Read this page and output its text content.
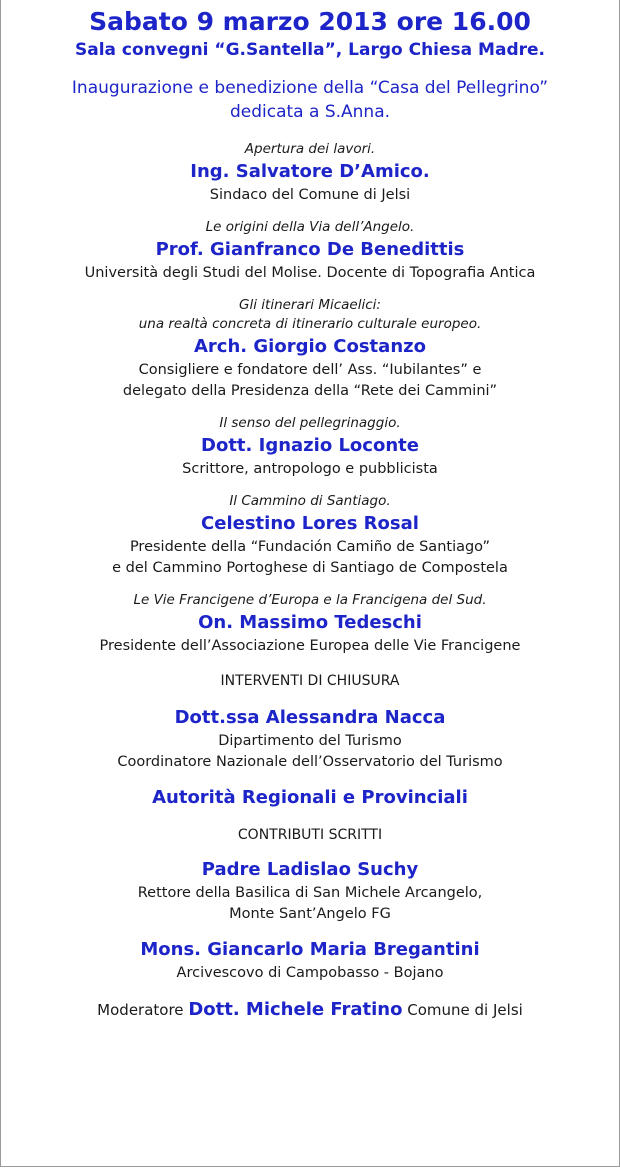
Sabato 9 marzo 2013 ore 16.00
Sala convegni “G.Santella”, Largo Chiesa Madre.
Inaugurazione e benedizione della “Casa del Pellegrino”
dedicata a S.Anna.
Apertura dei lavori.
Ing. Salvatore D’Amico.
Sindaco del Comune di Jelsi
Le origini della Via dell’Angelo.
Prof. Gianfranco De Benedittis
Università degli Studi del Molise. Docente di Topografia Antica
Gli itinerari Micaelici:
una realtà concreta di itinerario culturale europeo.
Arch. Giorgio Costanzo
Consigliere e fondatore dell’ Ass. “Iubilantes” e
delegato della Presidenza della “Rete dei Cammini”
Il senso del pellegrinaggio.
Dott. Ignazio Loconte
Scrittore, antropologo e pubblicista
Il Cammino di Santiago.
Celestino Lores Rosal
Presidente della “Fundación Camiño de Santiago”
e del Cammino Portoghese di Santiago de Compostela
Le Vie Francigene d’Europa e la Francigena del Sud.
On. Massimo Tedeschi
Presidente dell’Associazione Europea delle Vie Francigene
INTERVENTI DI CHIUSURA
Dott.ssa Alessandra Nacca
Dipartimento del Turismo
Coordinatore Nazionale dell’Osservatorio del Turismo
Autorità Regionali e Provinciali
CONTRIBUTI SCRITTI
Padre Ladislao Suchy
Rettore della Basilica di San Michele Arcangelo,
Monte Sant’Angelo FG
Mons. Giancarlo Maria Bregantini
Arcivescovo di Campobasso - Bojano
Moderatore Dott. Michele Fratino Comune di Jelsi
